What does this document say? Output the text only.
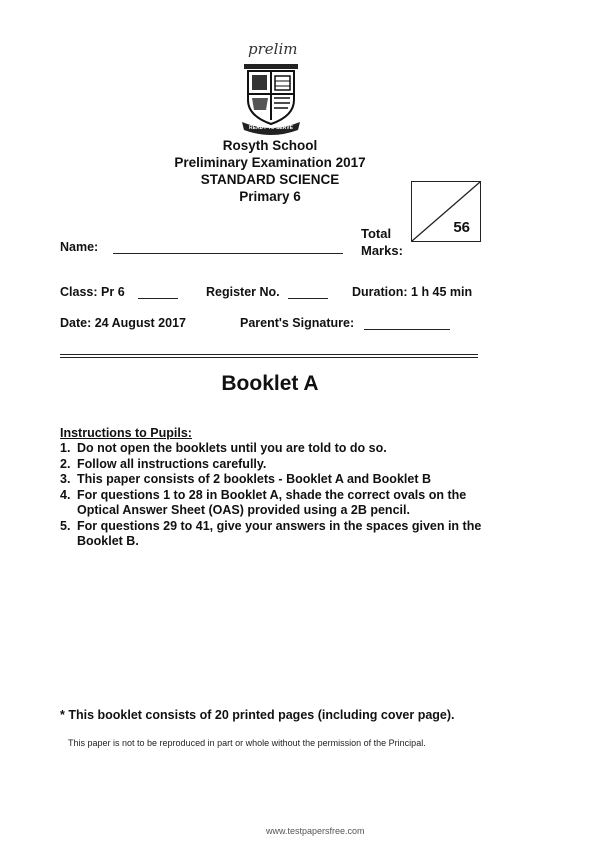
prelim
READY TO SERVE
Rosyth School
Preliminary Examination 2017
STANDARD SCIENCE
Primary 6
Total
Marks:
56
Name:
Class: Pr 6	Register No.	Duration: 1 h 45 min
Date: 24 August 2017	Parent's Signature:
Booklet A
Instructions to Pupils:
1. Do not open the booklets until you are told to do so.
2. Follow all instructions carefully.
3. This paper consists of 2 booklets - Booklet A and Booklet B
4. For questions 1 to 28 in Booklet A, shade the correct ovals on the Optical Answer Sheet (OAS) provided using a 2B pencil.
5. For questions 29 to 41, give your answers in the spaces given in the Booklet B.
* This booklet consists of 20 printed pages (including cover page).
This paper is not to be reproduced in part or whole without the permission of the Principal.
www.testpapersfree.com
